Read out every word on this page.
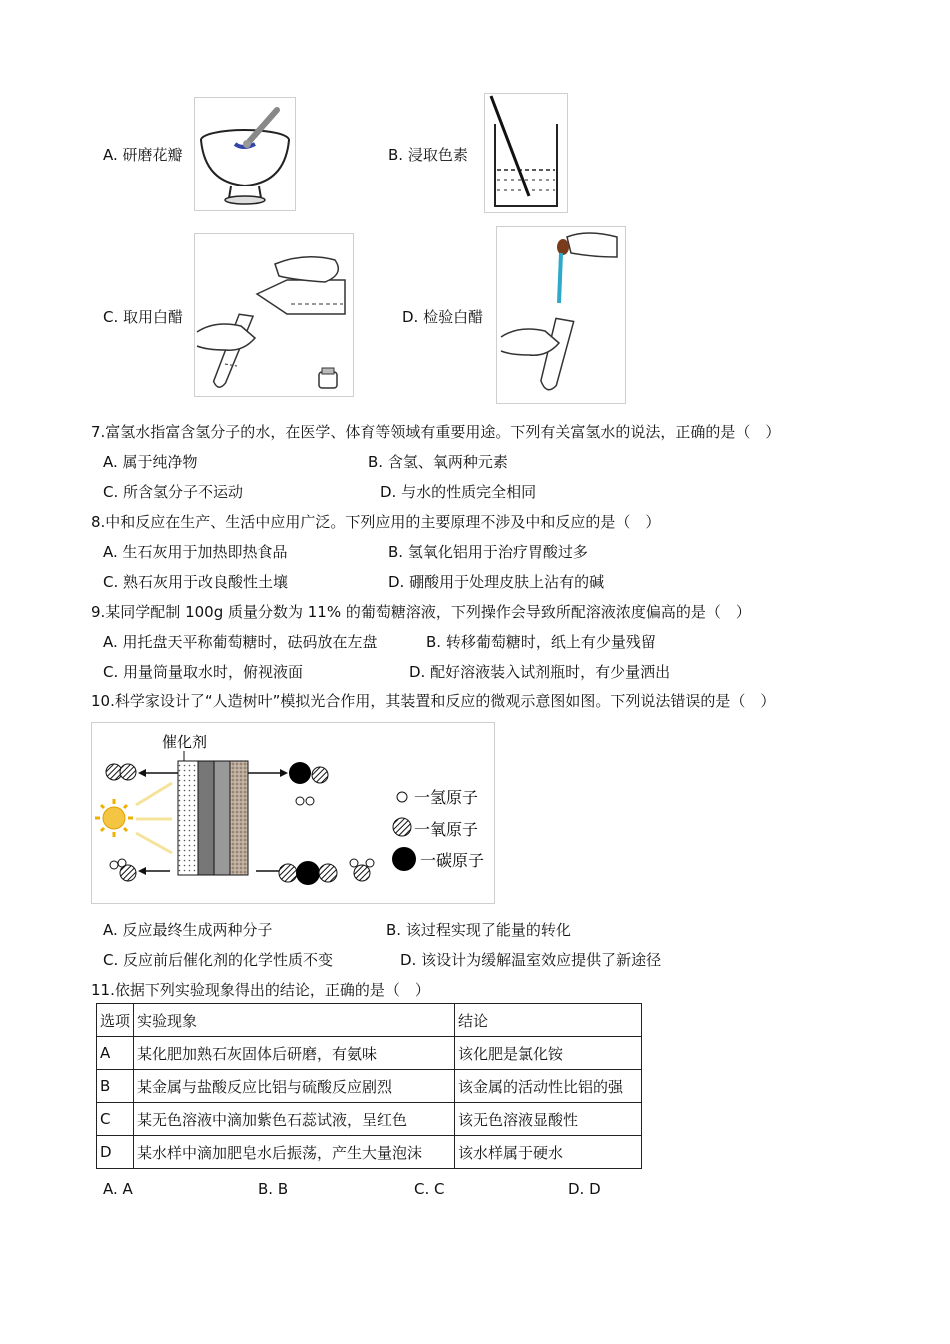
A. 研磨花瓣	B. 浸取色素
C. 取用白醋	D. 检验白醋
7.富氢水指富含氢分子的水，在医学、体育等领域有重要用途。下列有关富氢水的说法，正确的是（　）
A. 属于纯净物	B. 含氢、氧两种元素
C. 所含氢分子不运动	D. 与水的性质完全相同
8.中和反应在生产、生活中应用广泛。下列应用的主要原理不涉及中和反应的是（　）
A. 生石灰用于加热即热食品	B. 氢氧化铝用于治疗胃酸过多
C. 熟石灰用于改良酸性土壤	D. 硼酸用于处理皮肤上沾有的碱
9.某同学配制 100g 质量分数为 11% 的葡萄糖溶液，下列操作会导致所配溶液浓度偏高的是（　）
A. 用托盘天平称葡萄糖时，砝码放在左盘	B. 转移葡萄糖时，纸上有少量残留
C. 用量筒量取水时，俯视液面	D. 配好溶液装入试剂瓶时，有少量洒出
10.科学家设计了“人造树叶”模拟光合作用，其装置和反应的微观示意图如图。下列说法错误的是（　）
催化剂
一氢原子
一氧原子
一碳原子
A. 反应最终生成两种分子	B. 该过程实现了能量的转化
C. 反应前后催化剂的化学性质不变	D. 该设计为缓解温室效应提供了新途径
11.依据下列实验现象得出的结论，正确的是（　）
选项	实验现象	结论
A	某化肥加熟石灰固体后研磨，有氨味	该化肥是氯化铵
B	某金属与盐酸反应比铝与硫酸反应剧烈	该金属的活动性比铝的强
C	某无色溶液中滴加紫色石蕊试液，呈红色	该无色溶液显酸性
D	某水样中滴加肥皂水后振荡，产生大量泡沫	该水样属于硬水
A. A	B. B	C. C	D. D
